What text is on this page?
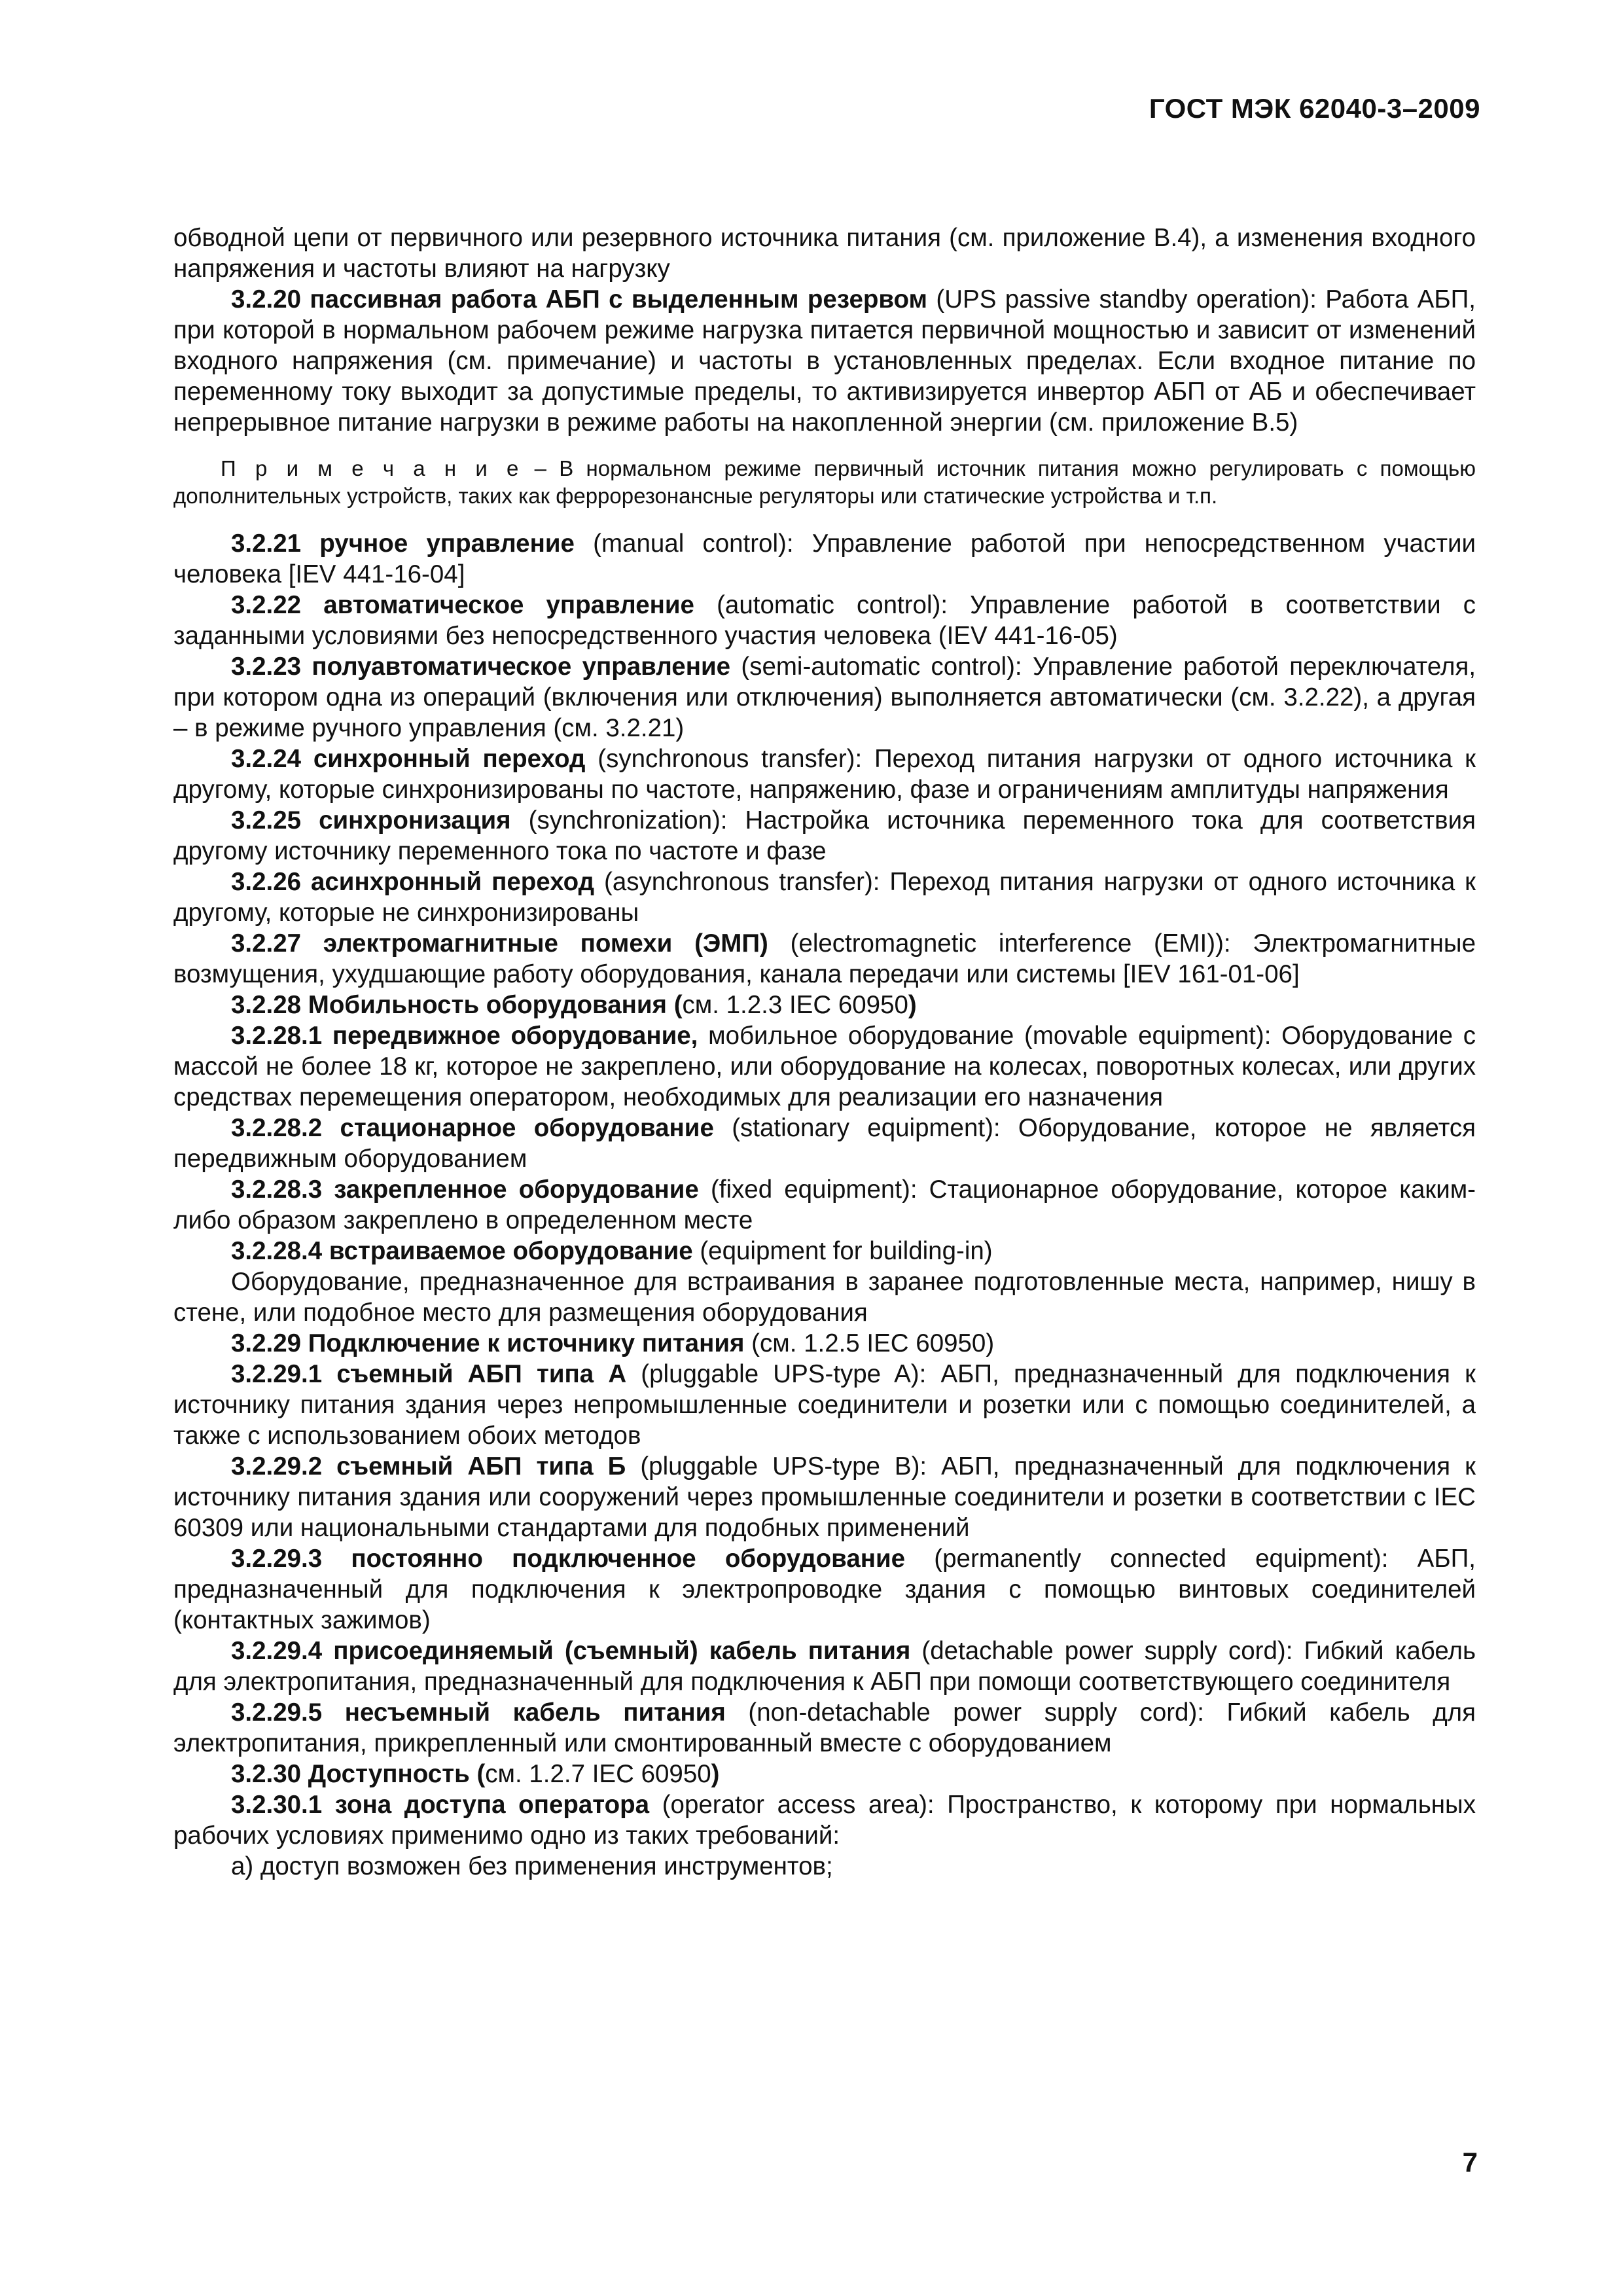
ГОСТ МЭК 62040-3–2009

обводной цепи от первичного или резервного источника питания (см. приложение В.4), а изменения входного напряжения и частоты влияют на нагрузку

3.2.20 пассивная работа АБП с выделенным резервом (UPS passive standby operation): Работа АБП, при которой в нормальном рабочем режиме нагрузка питается первичной мощностью и зависит от изменений входного напряжения (см. примечание) и частоты в установленных пределах. Если входное питание по переменному току выходит за допустимые пределы, то активизируется инвертор АБП от АБ и обеспечивает непрерывное питание нагрузки в режиме работы на накопленной энергии (см. приложение В.5)

П р и м е ч а н и е – В нормальном режиме первичный источник питания можно регулировать с помощью дополнительных устройств, таких как феррорезонансные регуляторы или статические устройства и т.п.

3.2.21 ручное управление (manual control): Управление работой при непосредственном участии человека [IEV 441-16-04]

3.2.22 автоматическое управление (automatic control): Управление работой в соответствии с заданными условиями без непосредственного участия человека (IEV 441-16-05)

3.2.23 полуавтоматическое управление (semi-automatic control): Управление работой переключателя, при котором одна из операций (включения или отключения) выполняется автоматически (см. 3.2.22), а другая – в режиме ручного управления (см. 3.2.21)

3.2.24 синхронный переход (synchronous transfer): Переход питания нагрузки от одного источника к другому, которые синхронизированы по частоте, напряжению, фазе и ограничениям амплитуды напряжения

3.2.25 синхронизация (synchronization): Настройка источника переменного тока для соответствия другому источнику переменного тока по частоте и фазе

3.2.26 асинхронный переход (asynchronous transfer): Переход питания нагрузки от одного источника к другому, которые не синхронизированы

3.2.27 электромагнитные помехи (ЭМП) (electromagnetic interference (EMI)): Электромагнитные возмущения, ухудшающие работу оборудования, канала передачи или системы [IEV 161-01-06]

3.2.28 Мобильность оборудования (см. 1.2.3 IEC 60950)

3.2.28.1 передвижное оборудование, мобильное оборудование (movable equipment): Оборудование с массой не более 18 кг, которое не закреплено, или оборудование на колесах, поворотных колесах, или других средствах перемещения оператором, необходимых для реализации его назначения

3.2.28.2 стационарное оборудование (stationary equipment): Оборудование, которое не является передвижным оборудованием

3.2.28.3 закрепленное оборудование (fixed equipment): Стационарное оборудование, которое каким-либо образом закреплено в определенном месте

3.2.28.4 встраиваемое оборудование (equipment for building-in)

Оборудование, предназначенное для встраивания в заранее подготовленные места, например, нишу в стене, или подобное место для размещения оборудования

3.2.29 Подключение к источнику питания (см. 1.2.5 IEC 60950)

3.2.29.1 съемный АБП типа А (pluggable UPS-type A): АБП, предназначенный для подключения к источнику питания здания через непромышленные соединители и розетки или с помощью соединителей, а также с использованием обоих методов

3.2.29.2 съемный АБП типа Б (pluggable UPS-type B): АБП, предназначенный для подключения к источнику питания здания или сооружений через промышленные соединители и розетки в соответствии с IEC 60309 или национальными стандартами для подобных применений

3.2.29.3 постоянно подключенное оборудование (permanently connected equipment): АБП, предназначенный для подключения к электропроводке здания с помощью винтовых соединителей (контактных зажимов)

3.2.29.4 присоединяемый (съемный) кабель питания (detachable power supply cord): Гибкий кабель для электропитания, предназначенный для подключения к АБП при помощи соответствующего соединителя

3.2.29.5 несъемный кабель питания (non-detachable power supply cord): Гибкий кабель для электропитания, прикрепленный или смонтированный вместе с оборудованием

3.2.30 Доступность (см. 1.2.7 IEC 60950)

3.2.30.1 зона доступа оператора (operator access area): Пространство, к которому при нормальных рабочих условиях применимо одно из таких требований:

а) доступ возможен без применения инструментов;

7
